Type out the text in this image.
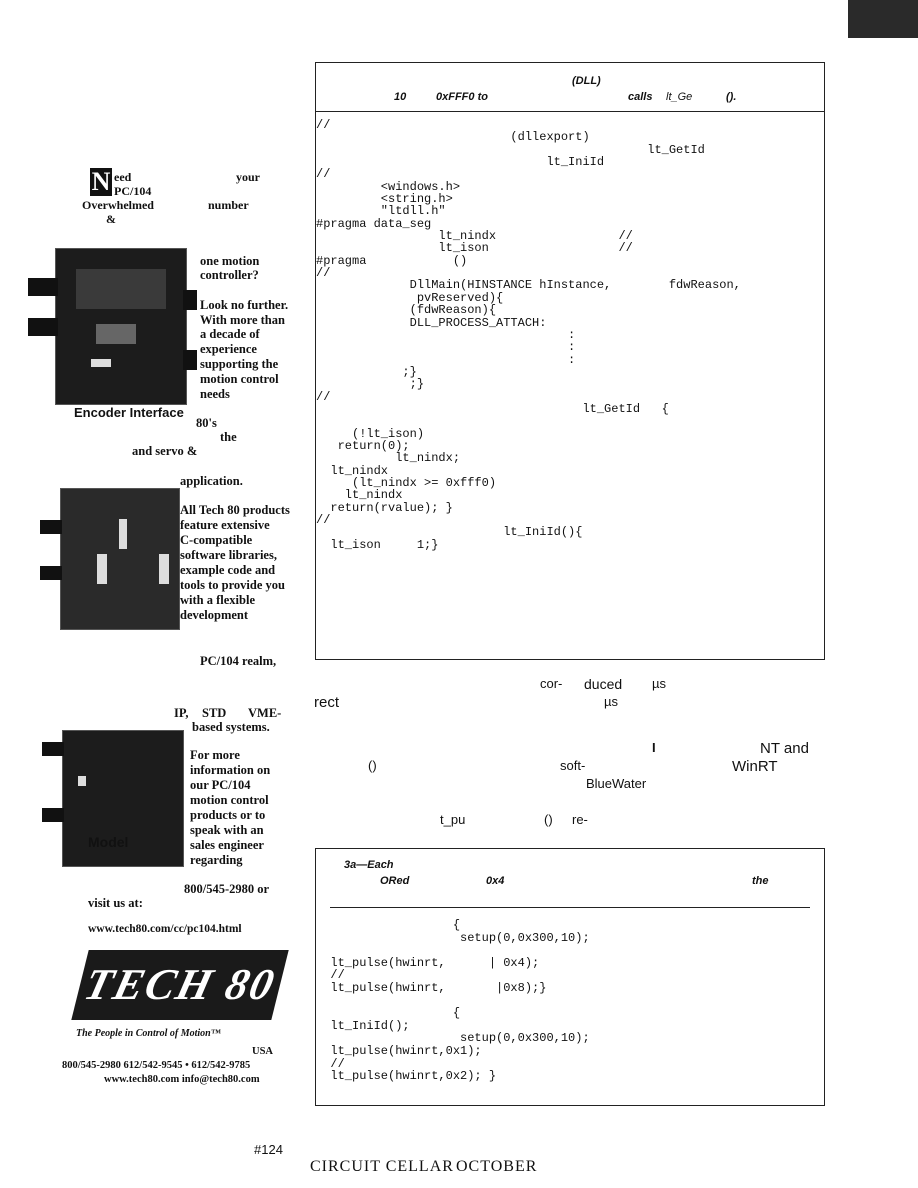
N eed	your
PC/104
Overwhelmed	number
&
one motion
controller?
Look no further.
With more than
a decade of
experience
supporting the
motion control
needs
Encoder Interface
80's
the
and servo &
application.
All Tech 80 products
feature extensive
C-compatible
software libraries,
example code and
tools to provide you
with a flexible
development
PC/104 realm,
IP, STD VME-
based systems.
For more
information on
our PC/104
motion control
products or to
speak with an
sales engineer
regarding
Model
800/545-2980 or
visit us at:
www.tech80.com/cc/pc104.html
TECH 80
The People in Control of Motion™
USA
800/545-2980 612/542-9545 • 612/542-9785
www.tech80.com info@tech80.com
(DLL)
10	0xFFF0 to	calls lt_Ge	().
//
(dllexport)
lt_GetId
lt_IniId
//
<windows.h>
<string.h>
"ltdll.h"
#pragma data_seg
lt_nindx                 //
lt_ison                  //
#pragma            ()
//
DllMain(HINSTANCE hInstance,        fdwReason,
pvReserved){
(fdwReason){
DLL_PROCESS_ATTACH:
:
:
:
;}
;}
//
lt_GetId   {

(!lt_ison)
return(0);
lt_nindx;
lt_nindx
(lt_nindx >= 0xfff0)
lt_nindx
return(rvalue); }
//
lt_IniId(){
lt_ison     1;}
cor- duced µs
rect	µs
I	NT and
()	soft-	WinRT
BlueWater
t_pu	() re-
3a—Each
ORed	0x4	the
{
setup(0,0x300,10);

lt_pulse(hwinrt,      | 0x4);
//
lt_pulse(hwinrt,       |0x8);}

{
lt_IniId();
setup(0,0x300,10);
lt_pulse(hwinrt,0x1);
//
lt_pulse(hwinrt,0x2); }
#124
CIRCUIT CELLAR OCTOBER
